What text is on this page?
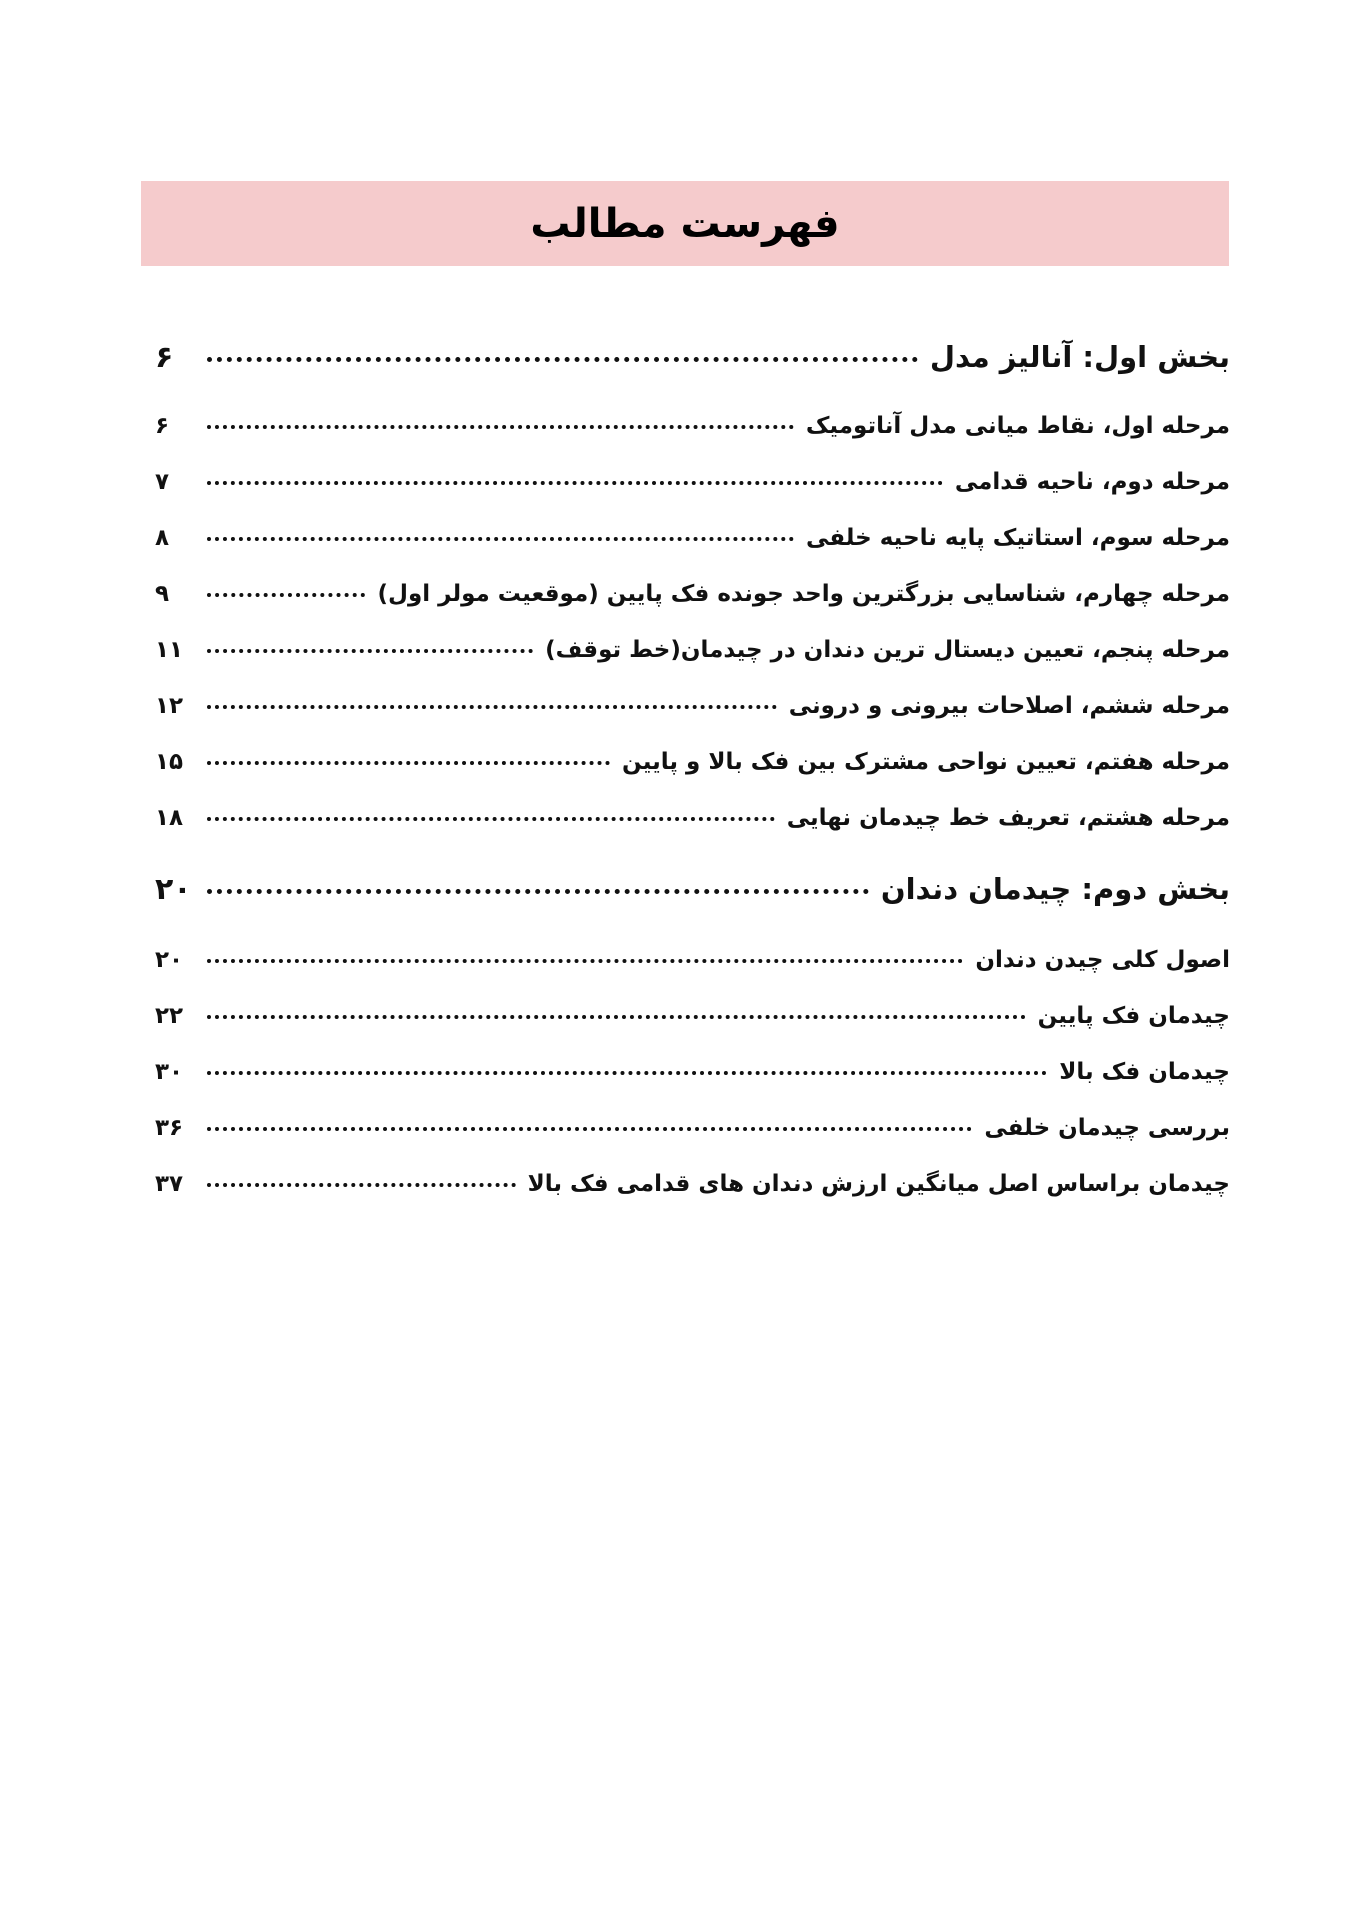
فهرست مطالب
بخش اول: آنالیز مدل
۶
مرحله اول، نقاط میانی مدل آناتومیک
۶
مرحله دوم، ناحیه قدامی
۷
مرحله سوم، استاتیک پایه ناحیه خلفی
۸
مرحله چهارم، شناسایی بزرگترین واحد جونده فک پایین (موقعیت مولر اول)
۹
مرحله پنجم، تعیین دیستال ترین دندان در چیدمان(خط توقف)
۱۱
مرحله ششم، اصلاحات بیرونی و درونی
۱۲
مرحله هفتم، تعیین نواحی مشترک بین فک بالا و پایین
۱۵
مرحله هشتم، تعریف خط چیدمان نهایی
۱۸
بخش دوم: چیدمان دندان
۲۰
اصول کلی چیدن دندان
۲۰
چیدمان فک پایین
۲۲
چیدمان فک بالا
۳۰
بررسی چیدمان خلفی
۳۶
چیدمان براساس اصل میانگین ارزش دندان های قدامی فک بالا
۳۷
